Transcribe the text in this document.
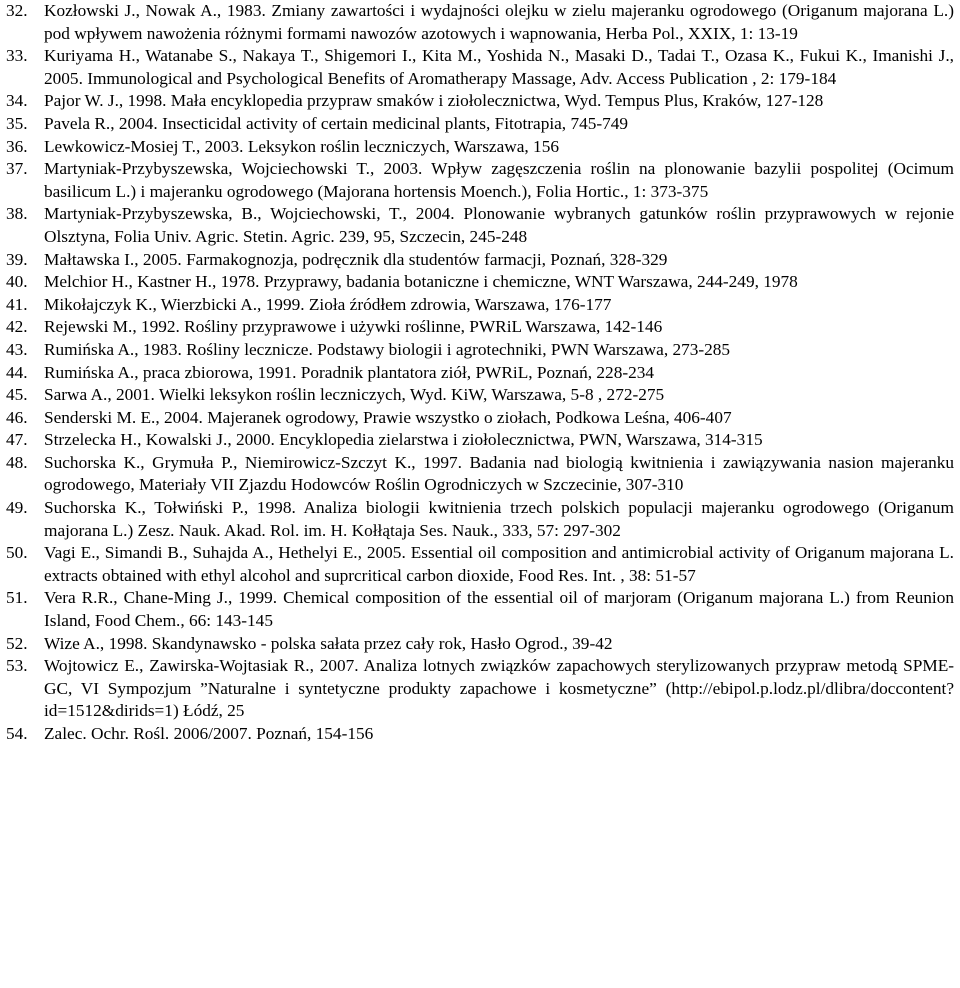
32. Kozłowski J., Nowak A., 1983. Zmiany zawartości i wydajności olejku w zielu majeranku ogrodowego (Origanum majorana L.) pod wpływem nawożenia różnymi formami nawozów azotowych i wapnowania, Herba Pol., XXIX, 1: 13-19
33. Kuriyama H., Watanabe S., Nakaya T., Shigemori I., Kita M., Yoshida N., Masaki D., Tadai T., Ozasa K., Fukui K., Imanishi J., 2005. Immunological and Psychological Benefits of Aromatherapy Massage, Adv. Access Publication , 2: 179-184
34. Pajor W. J., 1998. Mała encyklopedia przypraw smaków i ziołolecznictwa, Wyd. Tempus Plus, Kraków, 127-128
35. Pavela R., 2004. Insecticidal activity of certain medicinal plants, Fitotrapia, 745-749
36. Lewkowicz-Mosiej T., 2003. Leksykon roślin leczniczych, Warszawa, 156
37. Martyniak-Przybyszewska, Wojciechowski T., 2003. Wpływ zagęszczenia roślin na plonowanie bazylii pospolitej (Ocimum basilicum L.) i majeranku ogrodowego (Majorana hortensis Moench.), Folia Hortic., 1: 373-375
38. Martyniak-Przybyszewska, B., Wojciechowski, T., 2004. Plonowanie wybranych gatunków roślin przyprawowych w rejonie Olsztyna, Folia Univ. Agric. Stetin. Agric. 239, 95, Szczecin, 245-248
39. Małtawska I., 2005. Farmakognozja, podręcznik dla studentów farmacji, Poznań, 328-329
40. Melchior H., Kastner H., 1978. Przyprawy, badania botaniczne i chemiczne, WNT Warszawa, 244-249, 1978
41. Mikołajczyk K., Wierzbicki A., 1999. Zioła źródłem zdrowia, Warszawa, 176-177
42. Rejewski M., 1992. Rośliny przyprawowe i używki roślinne, PWRiL Warszawa, 142-146
43. Rumińska A., 1983. Rośliny lecznicze. Podstawy biologii i agrotechniki, PWN Warszawa, 273-285
44. Rumińska A., praca zbiorowa, 1991. Poradnik plantatora ziół, PWRiL, Poznań, 228-234
45. Sarwa A., 2001. Wielki leksykon roślin leczniczych, Wyd. KiW, Warszawa, 5-8 , 272-275
46. Senderski M. E., 2004. Majeranek ogrodowy, Prawie wszystko o ziołach, Podkowa Leśna, 406-407
47. Strzelecka H., Kowalski J., 2000. Encyklopedia zielarstwa i ziołolecznictwa, PWN, Warszawa, 314-315
48. Suchorska K., Grymuła P., Niemirowicz-Szczyt K., 1997. Badania nad biologią kwitnienia i zawiązywania nasion majeranku ogrodowego, Materiały VII Zjazdu Hodowców Roślin Ogrodniczych w Szczecinie, 307-310
49. Suchorska K., Tołwiński P., 1998. Analiza biologii kwitnienia trzech polskich populacji majeranku ogrodowego (Origanum majorana L.) Zesz. Nauk. Akad. Rol. im. H. Kołłątaja Ses. Nauk., 333, 57: 297-302
50. Vagi E., Simandi B., Suhajda A., Hethelyi E., 2005. Essential oil composition and antimicrobial activity of Origanum majorana L. extracts obtained with ethyl alcohol and suprcritical carbon dioxide, Food Res. Int. , 38: 51-57
51. Vera R.R., Chane-Ming J., 1999. Chemical composition of the essential oil of marjoram (Origanum majorana L.) from Reunion Island, Food Chem., 66: 143-145
52. Wize A., 1998. Skandynawsko - polska sałata przez cały rok, Hasło Ogrod., 39-42
53. Wojtowicz E., Zawirska-Wojtasiak R., 2007. Analiza lotnych związków zapachowych sterylizowanych przypraw metodą SPME-GC, VI Sympozjum ”Naturalne i syntetyczne produkty zapachowe i kosmetyczne” (http://ebipol.p.lodz.pl/dlibra/doccontent?id=1512&dirids=1) Łódź, 25
54. Zalec. Ochr. Rośl. 2006/2007. Poznań, 154-156
